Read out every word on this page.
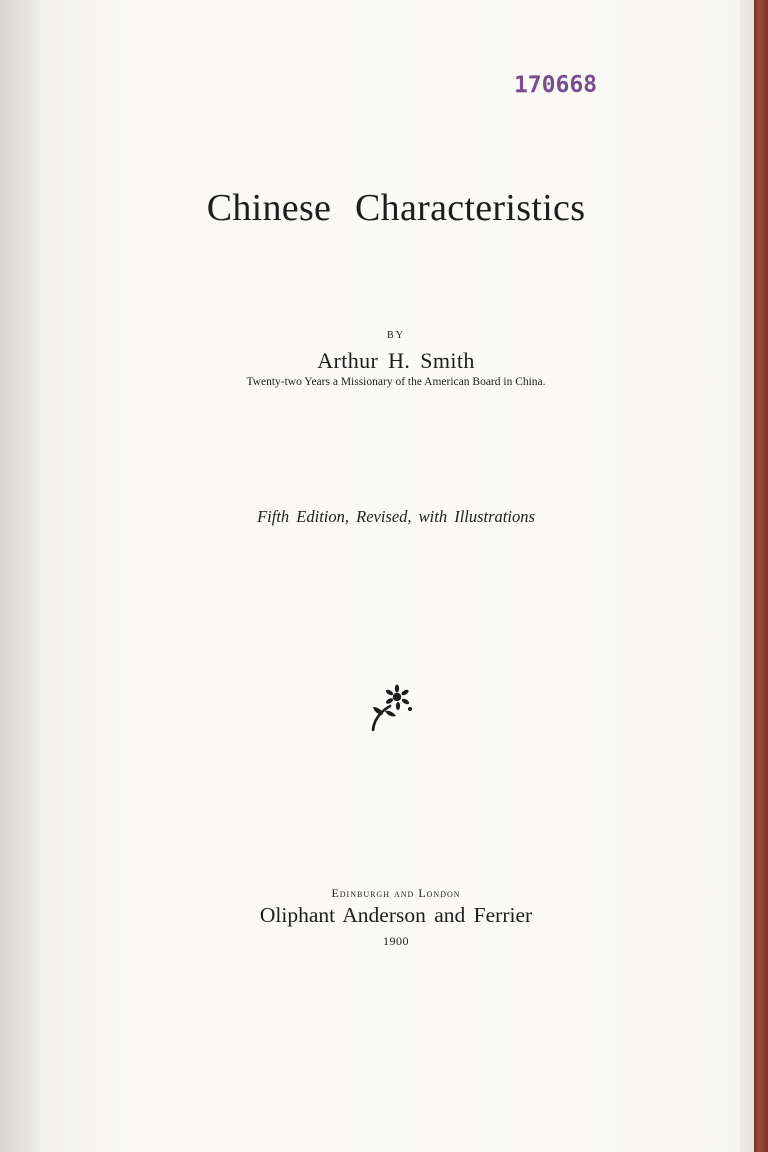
170668
Chinese Characteristics
BY
Arthur H. Smith
Twenty-two Years a Missionary of the American Board in China.
Fifth Edition, Revised, with Illustrations
Edinburgh and London
Oliphant Anderson and Ferrier
1900
